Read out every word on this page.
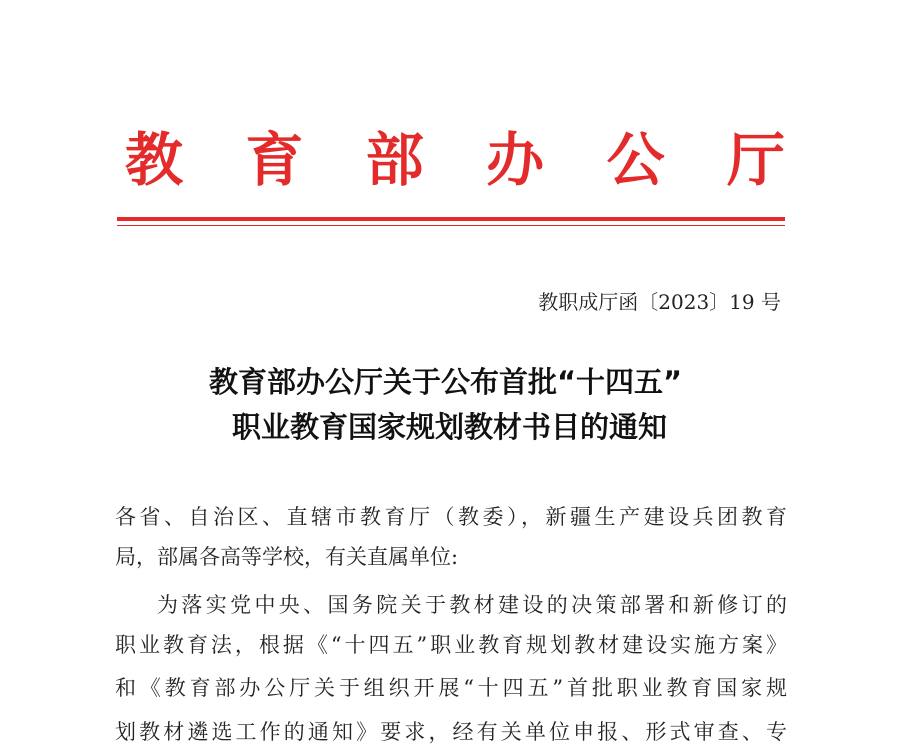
教 育 部 办 公 厅
教职成厅函〔2023〕19 号
教育部办公厅关于公布首批“十四五”
职业教育国家规划教材书目的通知
各省、自治区、直辖市教育厅（教委），新疆生产建设兵团教育
局，部属各高等学校，有关直属单位:
为落实党中央、国务院关于教材建设的决策部署和新修订的
职业教育法，根据《“十四五”职业教育规划教材建设实施方案》
和《教育部办公厅关于组织开展“十四五”首批职业教育国家规
划教材遴选工作的通知》要求，经有关单位申报、形式审查、专
